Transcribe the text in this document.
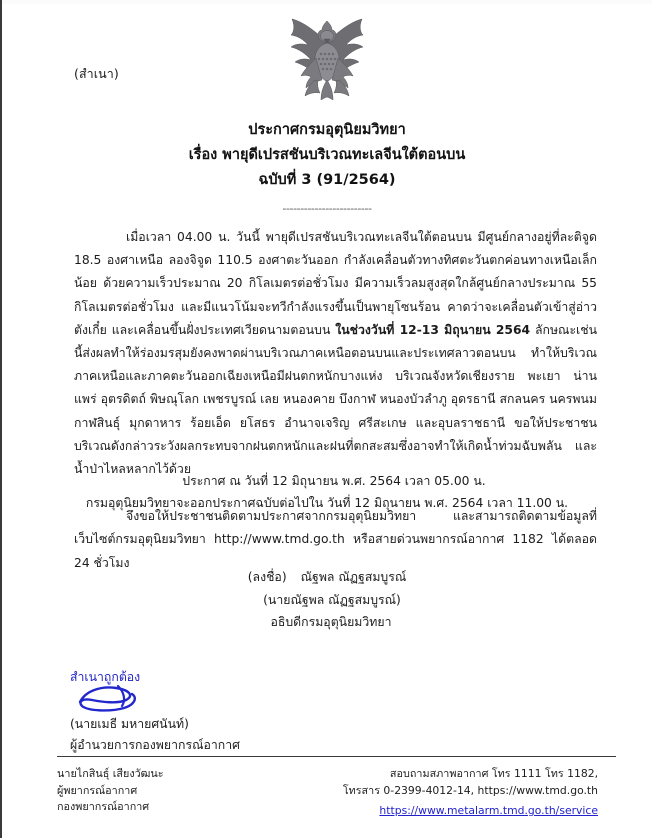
(สำเนา)
ประกาศกรมอุตุนิยมวิทยา
เรื่อง พายุดีเปรสชันบริเวณทะเลจีนใต้ตอนบน
ฉบับที่ 3 (91/2564)
-------------------------

เมื่อเวลา 04.00 น. วันนี้ พายุดีเปรสชันบริเวณทะเลจีนใต้ตอนบน มีศูนย์กลางอยู่ที่ละติจูด 18.5 องศาเหนือ ลองจิจูด 110.5 องศาตะวันออก กำลังเคลื่อนตัวทางทิศตะวันตกค่อนทางเหนือเล็กน้อย ด้วยความเร็วประมาณ 20 กิโลเมตรต่อชั่วโมง มีความเร็วลมสูงสุดใกล้ศูนย์กลางประมาณ 55 กิโลเมตรต่อชั่วโมง และมีแนวโน้มจะทวีกำลังแรงขึ้นเป็นพายุโซนร้อน คาดว่าจะเคลื่อนตัวเข้าสู่อ่าวตังเกี๋ย และเคลื่อนขึ้นฝั่งประเทศเวียดนามตอนบน ในช่วงวันที่ 12-13 มิถุนายน 2564 ลักษณะเช่นนี้ส่งผลทำให้ร่องมรสุมยังคงพาดผ่านบริเวณภาคเหนือตอนบนและประเทศลาวตอนบน ทำให้บริเวณภาคเหนือและภาคตะวันออกเฉียงเหนือมีฝนตกหนักบางแห่ง บริเวณจังหวัดเชียงราย พะเยา น่าน แพร่ อุตรดิตถ์ พิษณุโลก เพชรบูรณ์ เลย หนองคาย บึงกาฬ หนองบัวลำภู อุดรธานี สกลนคร นครพนม กาฬสินธุ์ มุกดาหาร ร้อยเอ็ด ยโสธร อำนาจเจริญ ศรีสะเกษ และอุบลราชธานี ขอให้ประชาชนบริเวณดังกล่าวระวังผลกระทบจากฝนตกหนักและฝนที่ตกสะสมซึ่งอาจทำให้เกิดน้ำท่วมฉับพลัน และน้ำป่าไหลหลากไว้ด้วย

จึงขอให้ประชาชนติดตามประกาศจากกรมอุตุนิยมวิทยา และสามารถติดตามข้อมูลที่เว็บไซต์กรมอุตุนิยมวิทยา http://www.tmd.go.th หรือสายด่วนพยากรณ์อากาศ 1182 ได้ตลอด 24 ชั่วโมง

ประกาศ ณ วันที่ 12 มิถุนายน พ.ศ. 2564 เวลา 05.00 น.
กรมอุตุนิยมวิทยาจะออกประกาศฉบับต่อไปใน วันที่ 12 มิถุนายน พ.ศ. 2564 เวลา 11.00 น.
(ลงชื่อ) ณัฐพล ณัฏฐสมบูรณ์
(นายณัฐพล ณัฏฐสมบูรณ์)
อธิบดีกรมอุตุนิยมวิทยา
สำเนาถูกต้อง
(นายเมธี มหายศนันท์)
ผู้อำนวยการกองพยากรณ์อากาศ
นายไกสินธุ์ เสียงวัฒนะ
ผู้พยากรณ์อากาศ
กองพยากรณ์อากาศ
สอบถามสภาพอากาศ โทร 1111 โทร 1182,
โทรสาร 0-2399-4012-14, https://www.tmd.go.th
https://www.metalarm.tmd.go.th/service
